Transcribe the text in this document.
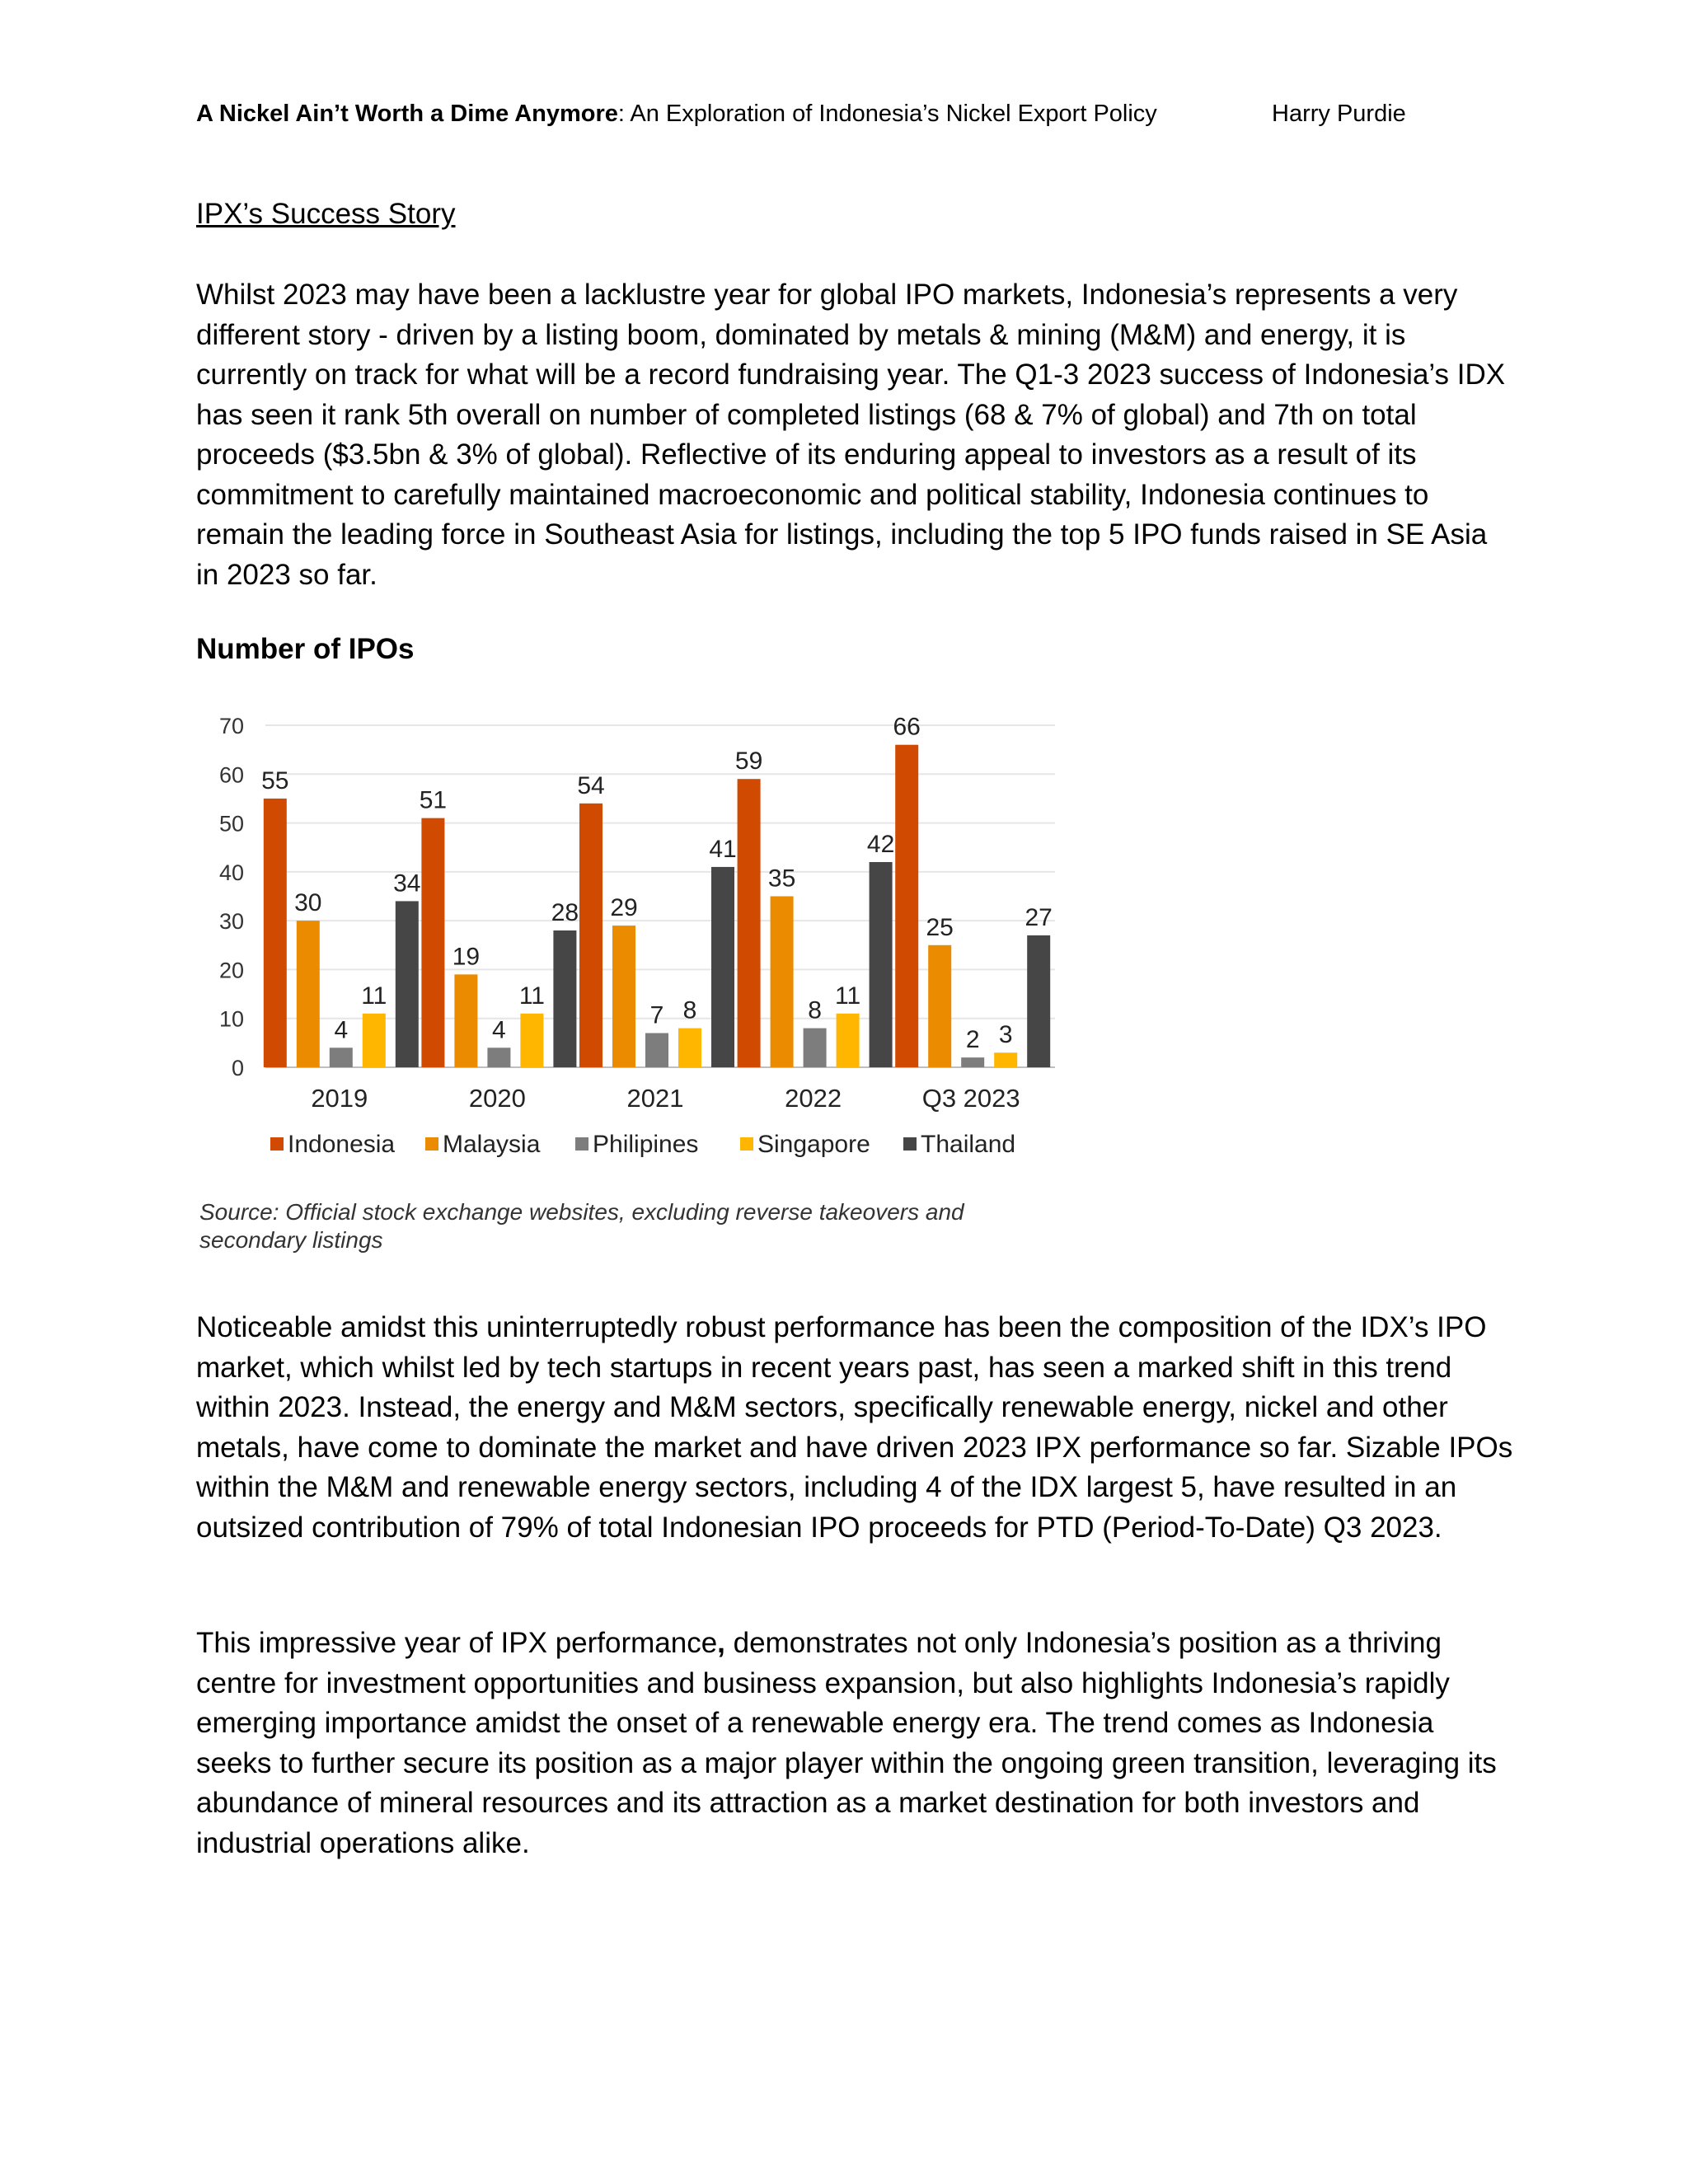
A Nickel Ain’t Worth a Dime Anymore: An Exploration of Indonesia’s Nickel Export Policy	Harry Purdie
IPX’s Success Story

Whilst 2023 may have been a lacklustre year for global IPO markets, Indonesia’s represents a very different story - driven by a listing boom, dominated by metals & mining (M&M) and energy, it is currently on track for what will be a record fundraising year. The Q1-3 2023 success of Indonesia’s IDX has seen it rank 5th overall on number of completed listings (68 & 7% of global) and 7th on total proceeds ($3.5bn & 3% of global). Reflective of its enduring appeal to investors as a result of its commitment to carefully maintained macroeconomic and political stability, Indonesia continues to remain the leading force in Southeast Asia for listings, including the top 5 IPO funds raised in SE Asia in 2023 so far.

Number of IPOs
0
10
20
30
40
50
60
70
55
30
4
11
34
2019
51
19
4
11
28
2020
54
29
7 8
41
2021
59
35
8
11
42
2022
66
25
2 3
27
Q3 2023
Indonesia Malaysia Philipines Singapore Thailand
Source: Official stock exchange websites, excluding reverse takeovers and secondary listings

Noticeable amidst this uninterruptedly robust performance has been the composition of the IDX’s IPO market, which whilst led by tech startups in recent years past, has seen a marked shift in this trend within 2023. Instead, the energy and M&M sectors, specifically renewable energy, nickel and other metals, have come to dominate the market and have driven 2023 IPX performance so far. Sizable IPOs within the M&M and renewable energy sectors, including 4 of the IDX largest 5, have resulted in an outsized contribution of 79% of total Indonesian IPO proceeds for PTD (Period-To-Date) Q3 2023.

This impressive year of IPX performance, demonstrates not only Indonesia’s position as a thriving centre for investment opportunities and business expansion, but also highlights Indonesia’s rapidly emerging importance amidst the onset of a renewable energy era. The trend comes as Indonesia seeks to further secure its position as a major player within the ongoing green transition, leveraging its abundance of mineral resources and its attraction as a market destination for both investors and industrial operations alike.
